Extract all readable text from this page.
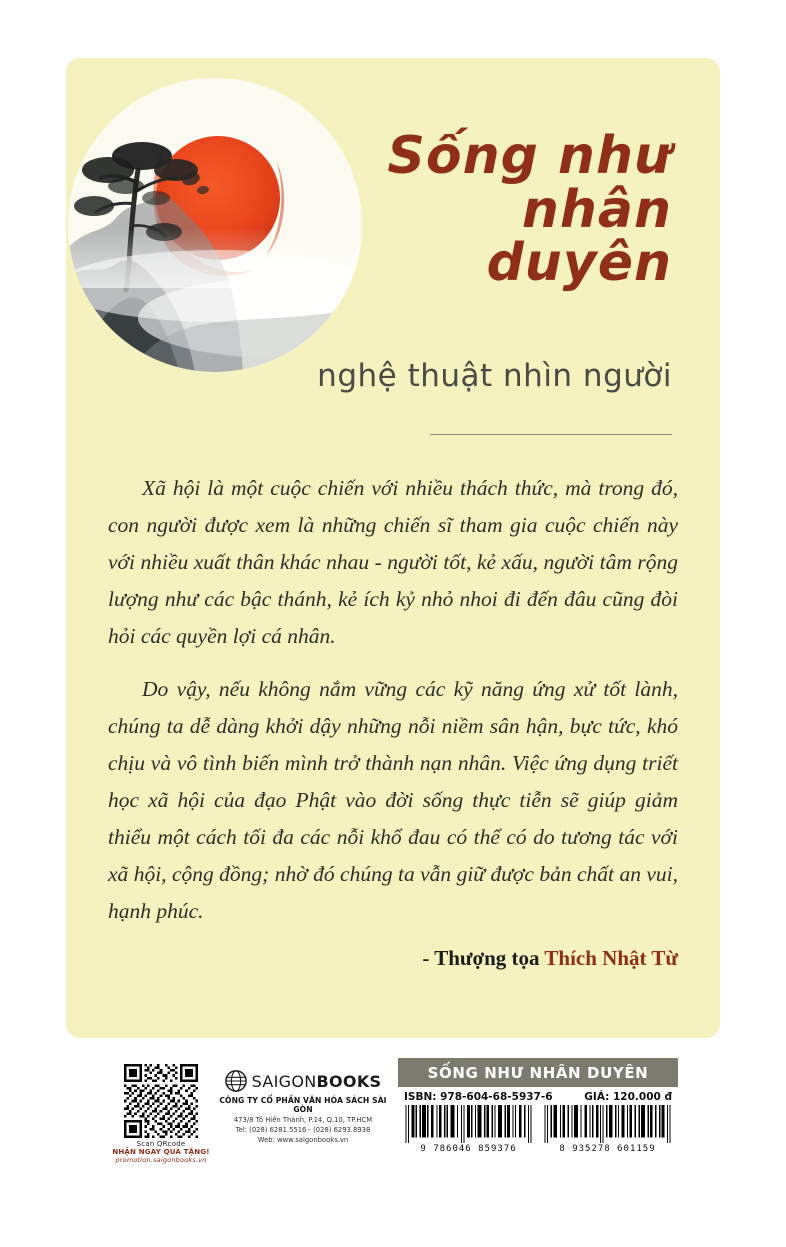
Sống như
nhân
duyên
nghệ thuật nhìn người

Xã hội là một cuộc chiến với nhiều thách thức, mà trong đó, con người được xem là những chiến sĩ tham gia cuộc chiến này với nhiều xuất thân khác nhau - người tốt, kẻ xấu, người tâm rộng lượng như các bậc thánh, kẻ ích kỷ nhỏ nhoi đi đến đâu cũng đòi hỏi các quyền lợi cá nhân.

Do vậy, nếu không nắm vững các kỹ năng ứng xử tốt lành, chúng ta dễ dàng khởi dậy những nỗi niềm sân hận, bực tức, khó chịu và vô tình biến mình trở thành nạn nhân. Việc ứng dụng triết học xã hội của đạo Phật vào đời sống thực tiễn sẽ giúp giảm thiểu một cách tối đa các nỗi khổ đau có thể có do tương tác với xã hội, cộng đồng; nhờ đó chúng ta vẫn giữ được bản chất an vui, hạnh phúc.

- Thượng tọa Thích Nhật Từ
Scan QRcode
NHẬN NGAY QUÀ TẶNG!
promotion.saigonbooks.vn
SAIGONBOOKS
CÔNG TY CỔ PHẦN VĂN HÓA SÁCH SÀI GÒN
473/8 Tô Hiến Thành, P.14, Q.10, TP.HCM
Tel: (028) 6281.5516 - (028) 6293.8938
Web: www.saigonbooks.vn
SỐNG NHƯ NHÂN DUYÊN
ISBN: 978-604-68-5937-6	GIÁ: 120.000 đ
9 786046 859376	8 935278 601159
